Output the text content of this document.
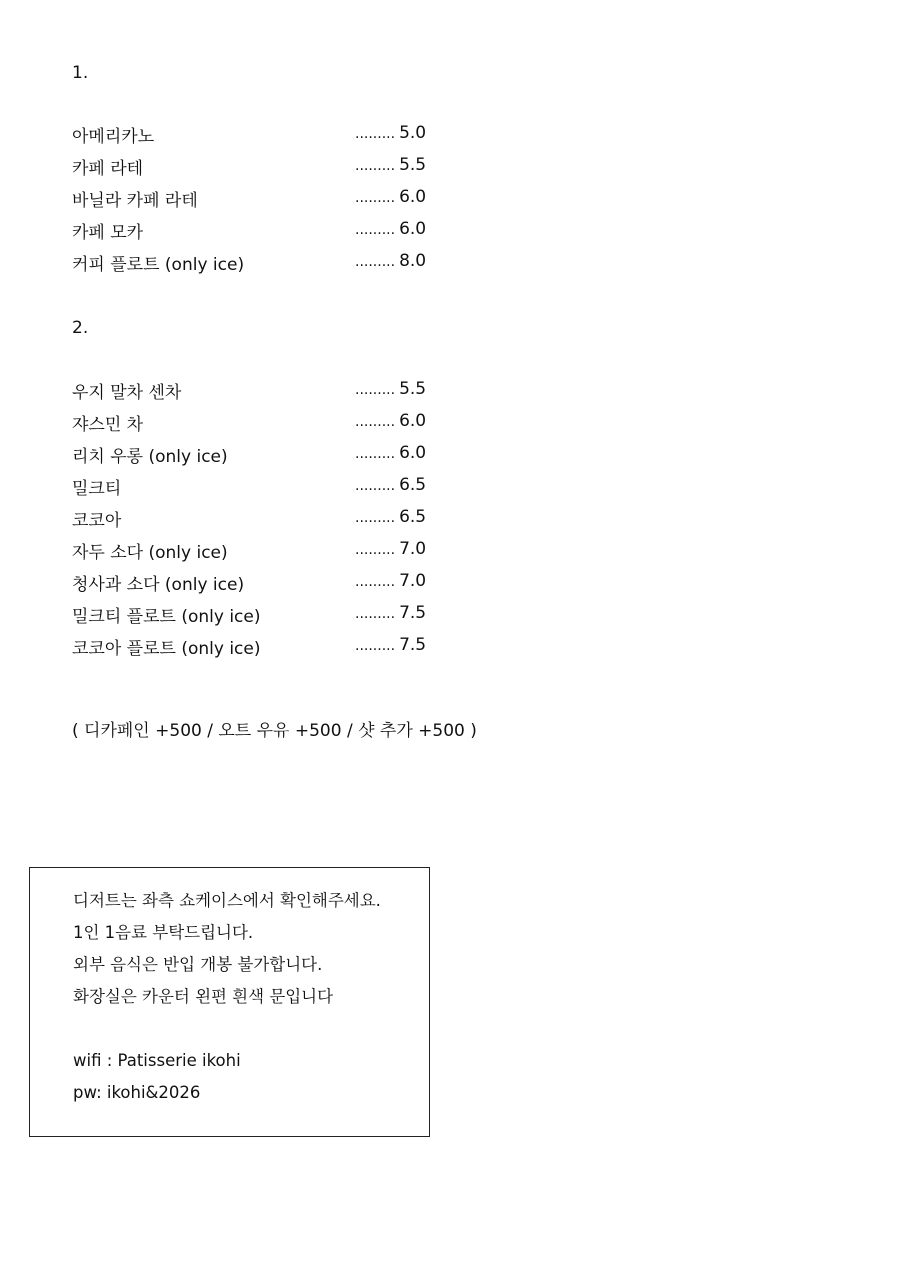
1.
아메리카노	......... 5.0
카페 라테	......... 5.5
바닐라 카페 라테	......... 6.0
카페 모카	......... 6.0
커피 플로트 (only ice)	......... 8.0
2.
우지 말차 센차	......... 5.5
쟈스민 차	......... 6.0
리치 우롱 (only ice)	......... 6.0
밀크티	......... 6.5
코코아	......... 6.5
자두 소다 (only ice)	......... 7.0
청사과 소다 (only ice)	......... 7.0
밀크티 플로트 (only ice)	......... 7.5
코코아 플로트 (only ice)	......... 7.5
( 디카페인 +500 / 오트 우유 +500 / 샷 추가 +500 )
디저트는 좌측 쇼케이스에서 확인해주세요.
1인 1음료 부탁드립니다.
외부 음식은 반입 개봉 불가합니다.
화장실은 카운터 왼편 흰색 문입니다
wifi : Patisserie ikohi
pw: ikohi&2026
